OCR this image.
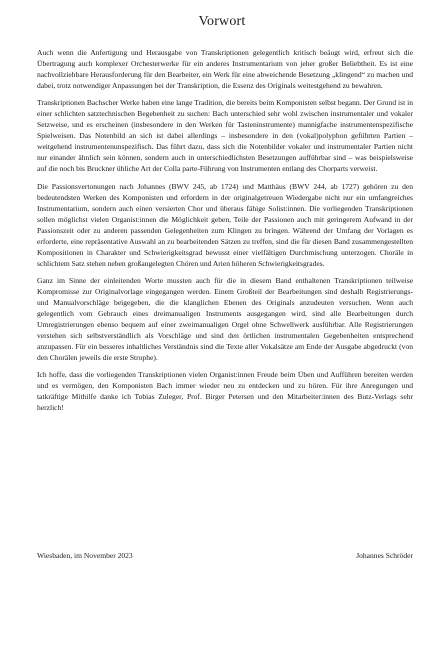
Vorwort

Auch wenn die Anfertigung und Herausgabe von Transkriptionen gelegentlich kritisch beäugt wird, erfreut sich die Übertragung auch komplexer Orchesterwerke für ein anderes Instrumentarium von jeher großer Beliebtheit. Es ist eine nachvollziehbare Herausforderung für den Bearbeiter, ein Werk für eine abweichende Besetzung „klingend“ zu machen und dabei, trotz notwendiger Anpassungen bei der Transkription, die Essenz des Originals weitestgehend zu bewahren.

Transkriptionen Bachscher Werke haben eine lange Tradition, die bereits beim Komponisten selbst begann. Der Grund ist in einer schlichten satztechnischen Begebenheit zu suchen: Bach unterschied sehr wohl zwischen instrumentaler und vokaler Setzweise, und es erscheinen (insbesondere in den Werken für Tasteninstrumente) mannigfache instrumentenspezifische Spielweisen. Das Notenbild an sich ist dabei allerdings – insbesondere in den (vokal)polyphon geführten Partien – weitgehend instrumentenunspezifisch. Das führt dazu, dass sich die Notenbilder vokaler und instrumentaler Partien nicht nur einander ähnlich sein können, sondern auch in unterschiedlichsten Besetzungen aufführbar sind – was beispielsweise auf die noch bis Bruckner übliche Art der Colla parte-Führung von Instrumenten entlang des Chorparts verweist.

Die Passionsvertonungen nach Johannes (BWV 245, ab 1724) und Matthäus (BWV 244, ab 1727) gehören zu den bedeutendsten Werken des Komponisten und erfordern in der originalgetreuen Wiedergabe nicht nur ein umfangreiches Instrumentarium, sondern auch einen versierten Chor und überaus fähige Solist:innen. Die vorliegenden Transkriptionen sollen möglichst vielen Organist:innen die Möglichkeit geben, Teile der Passionen auch mit geringerem Aufwand in der Passionszeit oder zu anderen passenden Gelegenheiten zum Klingen zu bringen. Während der Umfang der Vorlagen es erforderte, eine repräsentative Auswahl an zu bearbeitenden Sätzen zu treffen, sind die für diesen Band zusammengestellten Kompositionen in Charakter und Schwierigkeitsgrad bewusst einer vielfältigen Durchmischung unterzogen. Choräle in schlichtem Satz stehen neben großangelegten Chören und Arien höheren Schwierigkeitsgrades.

Ganz im Sinne der einleitenden Worte mussten auch für die in diesem Band enthaltenen Transkriptionen teilweise Kompromisse zur Originalvorlage eingegangen werden. Einem Großteil der Bearbeitungen sind deshalb Registrierungs- und Manualvorschläge beigegeben, die die klanglichen Ebenen des Originals anzudeuten versuchen. Wenn auch gelegentlich vom Gebrauch eines dreimanualigen Instruments ausgegangen wird, sind alle Bearbeitungen durch Umregistrierungen ebenso bequem auf einer zweimanualigen Orgel ohne Schwellwerk ausführbar. Alle Registrierungen verstehen sich selbstverständlich als Vorschläge und sind den örtlichen instrumentalen Gegebenheiten entsprechend anzupassen. Für ein besseres inhaltliches Verständnis sind die Texte aller Vokalsätze am Ende der Ausgabe abgedruckt (von den Chorälen jeweils die erste Strophe).

Ich hoffe, dass die vorliegenden Transkriptionen vielen Organist:innen Freude beim Üben und Aufführen bereiten werden und es vermögen, den Komponisten Bach immer wieder neu zu entdecken und zu hören. Für ihre Anregungen und tatkräftige Mithilfe danke ich Tobias Zuleger, Prof. Birger Petersen und den Mitarbeiter:innen des Butz-Verlags sehr herzlich!

Wiesbaden, im November 2023	Johannes Schröder
